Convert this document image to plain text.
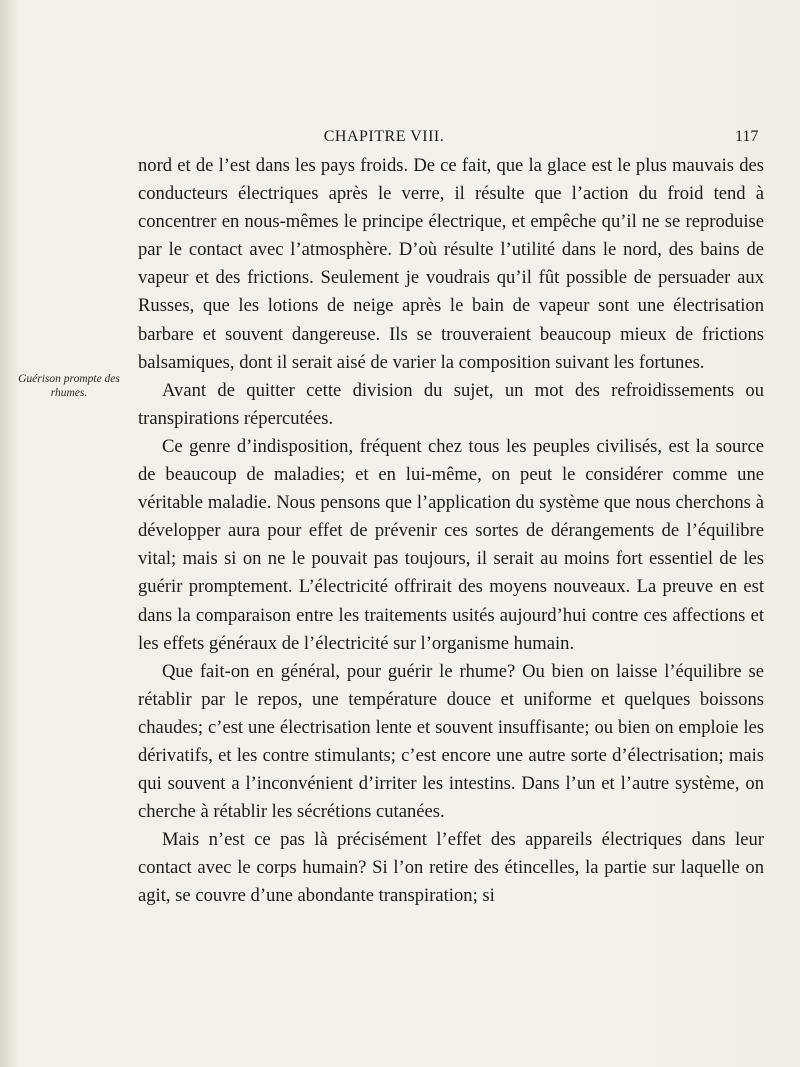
CHAPITRE VIII.	117
Guérison prompte des rhumes.

nord et de l’est dans les pays froids. De ce fait, que la glace est le plus mauvais des conducteurs électriques après le verre, il résulte que l’action du froid tend à concentrer en nous-mêmes le principe électrique, et empêche qu’il ne se reproduise par le contact avec l’atmosphère. D’où résulte l’utilité dans le nord, des bains de vapeur et des frictions. Seulement je voudrais qu’il fût possible de persuader aux Russes, que les lotions de neige après le bain de vapeur sont une électrisation barbare et souvent dangereuse. Ils se trouveraient beaucoup mieux de frictions balsamiques, dont il serait aisé de varier la composition suivant les fortunes.

Avant de quitter cette division du sujet, un mot des refroidissements ou transpirations répercutées.

Ce genre d’indisposition, fréquent chez tous les peuples civilisés, est la source de beaucoup de maladies; et en lui-même, on peut le considérer comme une véritable maladie. Nous pensons que l’application du système que nous cherchons à développer aura pour effet de prévenir ces sortes de dérangements de l’équilibre vital; mais si on ne le pouvait pas toujours, il serait au moins fort essentiel de les guérir promptement. L’électricité offrirait des moyens nouveaux. La preuve en est dans la comparaison entre les traitements usités aujourd’hui contre ces affections et les effets généraux de l’électricité sur l’organisme humain.

Que fait-on en général, pour guérir le rhume? Ou bien on laisse l’équilibre se rétablir par le repos, une température douce et uniforme et quelques boissons chaudes; c’est une électrisation lente et souvent insuffisante; ou bien on emploie les dérivatifs, et les contre stimulants; c’est encore une autre sorte d’électrisation; mais qui souvent a l’inconvénient d’irriter les intestins. Dans l’un et l’autre système, on cherche à rétablir les sécrétions cutanées.

Mais n’est ce pas là précisément l’effet des appareils électriques dans leur contact avec le corps humain? Si l’on retire des étincelles, la partie sur laquelle on agit, se couvre d’une abondante transpiration; si
